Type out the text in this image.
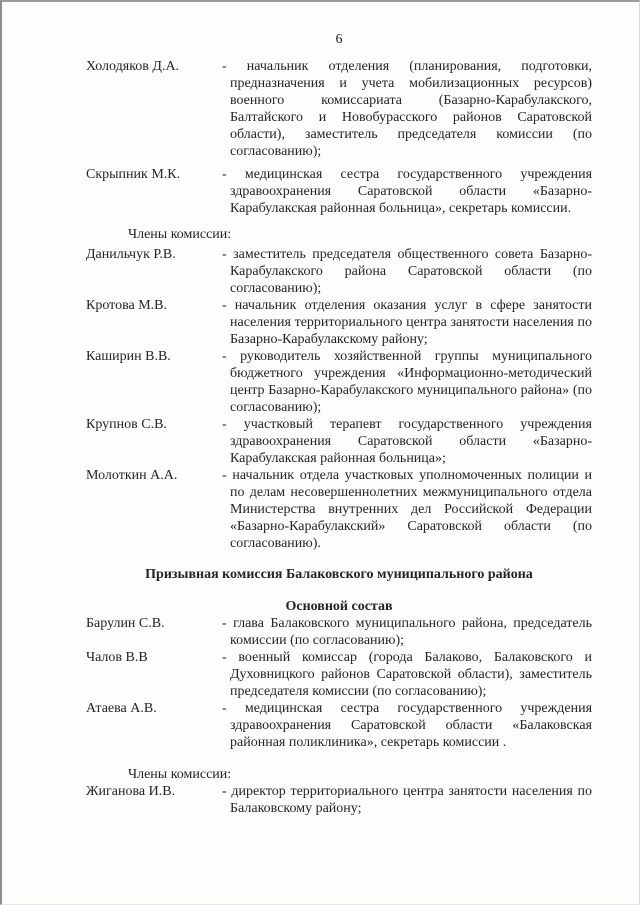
6
Холодяков Д.А.	- начальник отделения (планирования, подготовки, предназначения и учета мобилизационных ресурсов) военного комиссариата (Базарно-Карабулакского, Балтайского и Новобурасского районов Саратовской области), заместитель председателя комиссии (по согласованию);
Скрыпник М.К.	- медицинская сестра государственного учреждения здравоохранения Саратовской области «Базарно-Карабулакская районная больница», секретарь комиссии.
Члены комиссии:
Данильчук Р.В.	- заместитель председателя общественного совета Базарно-Карабулакского района Саратовской области (по согласованию);
Кротова М.В.	- начальник отделения оказания услуг в сфере занятости населения территориального центра занятости населения по Базарно-Карабулакскому району;
Каширин В.В.	- руководитель хозяйственной группы муниципального бюджетного учреждения «Информационно-методический центр Базарно-Карабулакского муниципального района» (по согласованию);
Крупнов С.В.	- участковый терапевт государственного учреждения здравоохранения Саратовской области «Базарно-Карабулакская районная больница»;
Молоткин А.А.	- начальник отдела участковых уполномоченных полиции и по делам несовершеннолетних межмуниципального отдела Министерства внутренних дел Российской Федерации «Базарно-Карабулакский» Саратовской области (по согласованию).
Призывная комиссия Балаковского муниципального района
Основной состав
Барулин С.В.	- глава Балаковского муниципального района, председатель комиссии (по согласованию);
Чалов В.В	- военный комиссар (города Балаково, Балаковского и Духовницкого районов Саратовской области), заместитель председателя комиссии (по согласованию);
Атаева А.В.	- медицинская сестра государственного учреждения здравоохранения Саратовской области «Балаковская районная поликлиника», секретарь комиссии .
Члены комиссии:
Жиганова И.В.	- директор территориального центра занятости населения по Балаковскому району;
